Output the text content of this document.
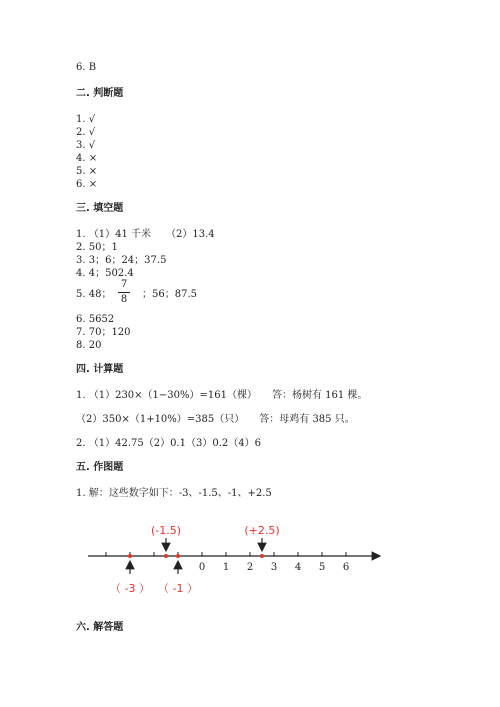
6. B
二. 判断题
1. √
2. √
3. √
4. ×
5. ×
6. ×
三. 填空题
1. （1）41 千米　　（2）13.4
2. 50；1
3. 3；6；24；37.5
4. 4；502.4
5. 48；
7
8 ；56；87.5
6. 5652
7. 70；120
8. 20
四. 计算题
1. （1）230×（1−30%）=161（棵）　　答：杨树有 161 棵。
（2）350×（1+10%）=385（只）　　答：母鸡有 385 只。
2. （1）42.75（2）0.1（3）0.2（4）6
五. 作图题
1. 解：这些数字如下：-3、-1.5、-1、+2.5
0 1 2 3 4 5 6
(-1.5)	(+2.5)
（ -3 ） （ -1 ）
六. 解答题
